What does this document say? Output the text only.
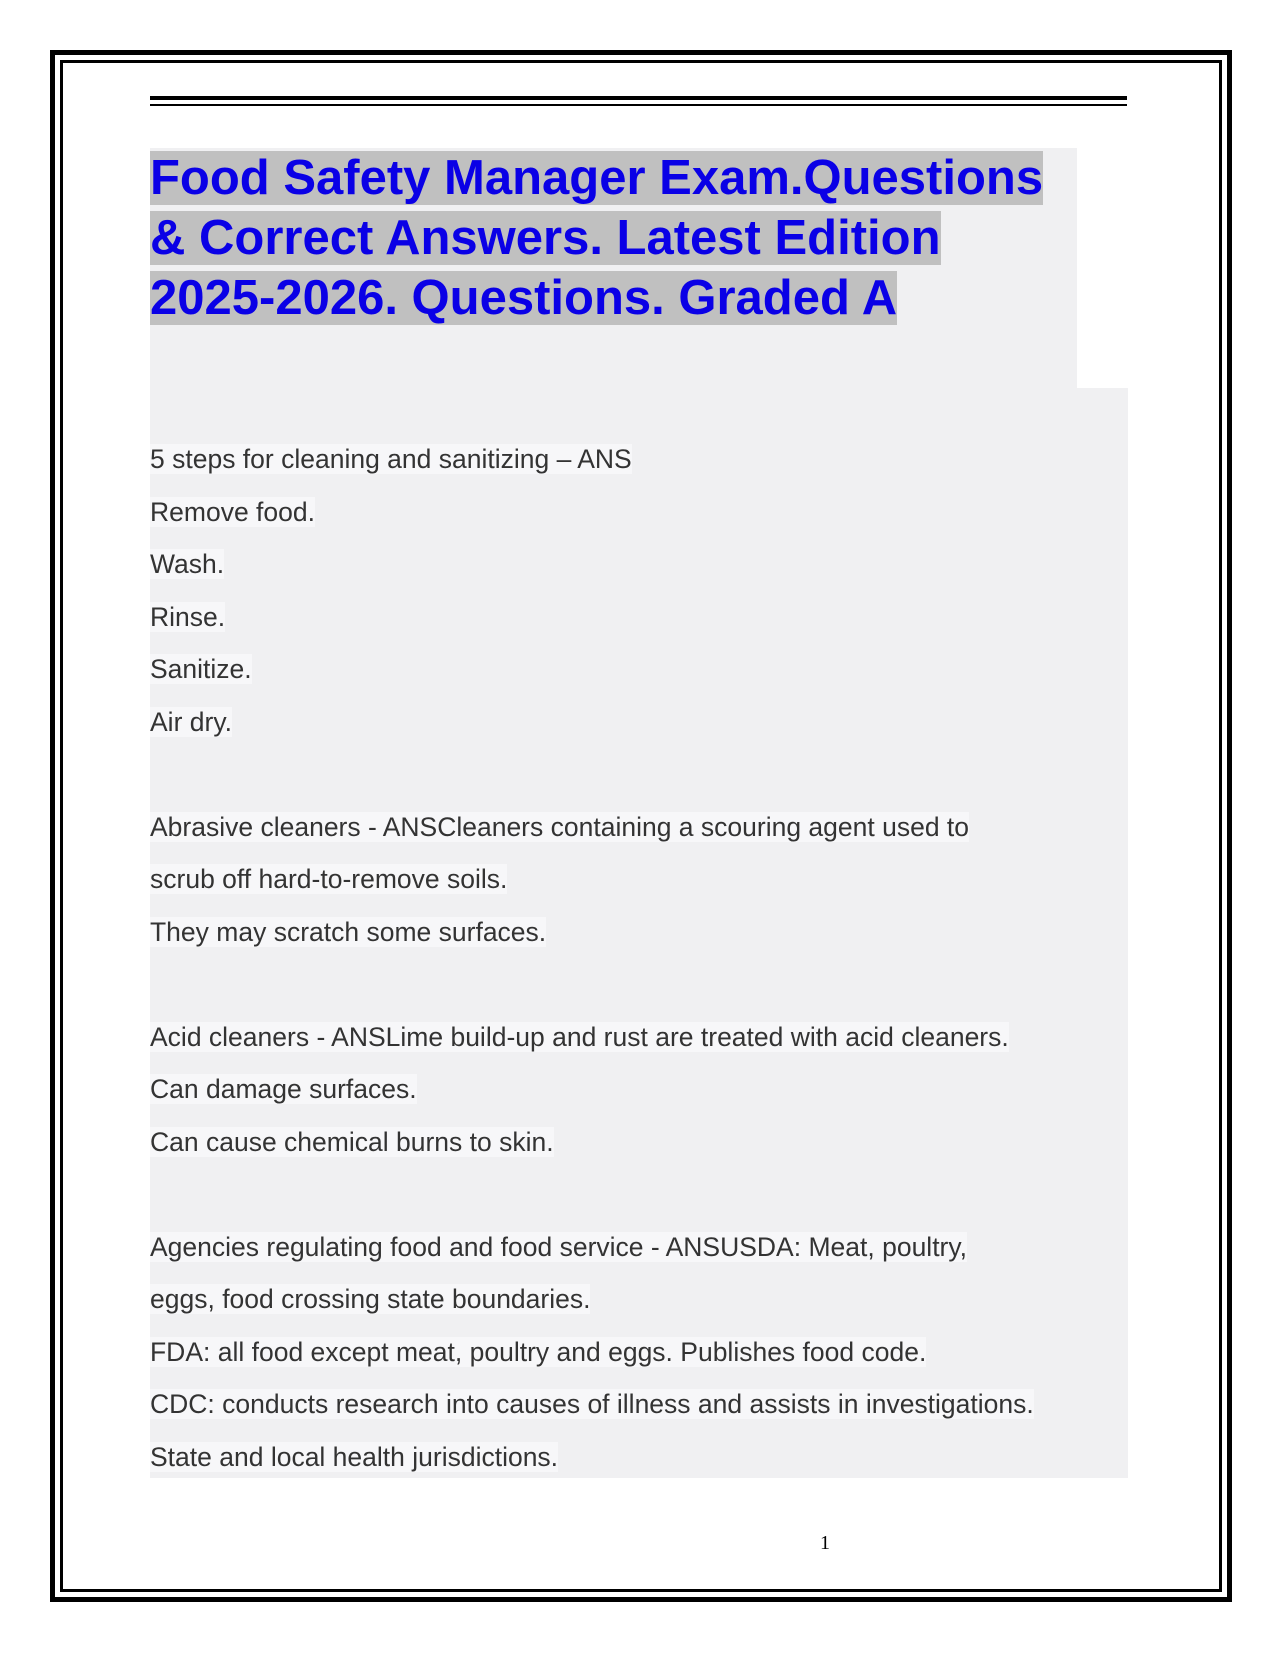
Food Safety Manager Exam.Questions & Correct Answers. Latest Edition 2025-2026. Questions. Graded A
5 steps for cleaning and sanitizing – ANS
Remove food.
Wash.
Rinse.
Sanitize.
Air dry.
Abrasive cleaners - ANSCleaners containing a scouring agent used to
scrub off hard-to-remove soils.
They may scratch some surfaces.
Acid cleaners - ANSLime build-up and rust are treated with acid cleaners.
Can damage surfaces.
Can cause chemical burns to skin.
Agencies regulating food and food service - ANSUSDA: Meat, poultry,
eggs, food crossing state boundaries.
FDA: all food except meat, poultry and eggs. Publishes food code.
CDC: conducts research into causes of illness and assists in investigations.
State and local health jurisdictions.
1
